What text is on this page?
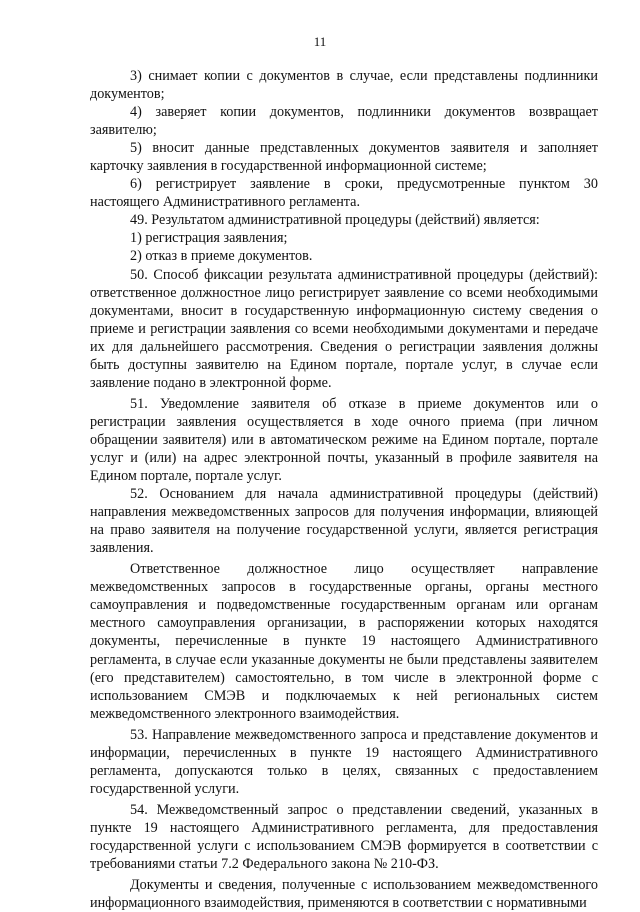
11

3) снимает копии с документов в случае, если представлены подлинники документов;

4) заверяет копии документов, подлинники документов возвращает заявителю;

5) вносит данные представленных документов заявителя и заполняет карточку заявления в государственной информационной системе;

6) регистрирует заявление в сроки, предусмотренные пунктом 30 настоящего Административного регламента.

49. Результатом административной процедуры (действий) является:

1) регистрация заявления;

2) отказ в приеме документов.

50. Способ фиксации результата административной процедуры (действий): ответственное должностное лицо регистрирует заявление со всеми необходимыми документами, вносит в государственную информационную систему сведения о приеме и регистрации заявления со всеми необходимыми документами и передаче их для дальнейшего рассмотрения. Сведения о регистрации заявления должны быть доступны заявителю на Едином портале, портале услуг, в случае если заявление подано в электронной форме.

51. Уведомление заявителя об отказе в приеме документов или о регистрации заявления осуществляется в ходе очного приема (при личном обращении заявителя) или в автоматическом режиме на Едином портале, портале услуг и (или) на адрес электронной почты, указанный в профиле заявителя на Едином портале, портале услуг.

52. Основанием для начала административной процедуры (действий) направления межведомственных запросов для получения информации, влияющей на право заявителя на получение государственной услуги, является регистрация заявления.

Ответственное должностное лицо осуществляет направление межведомственных запросов в государственные органы, органы местного самоуправления и подведомственные государственным органам или органам местного самоуправления организации, в распоряжении которых находятся документы, перечисленные в пункте 19 настоящего Административного регламента, в случае если указанные документы не были представлены заявителем (его представителем) самостоятельно, в том числе в электронной форме с использованием СМЭВ и подключаемых к ней региональных систем межведомственного электронного взаимодействия.

53. Направление межведомственного запроса и представление документов и информации, перечисленных в пункте 19 настоящего Административного регламента, допускаются только в целях, связанных с предоставлением государственной услуги.

54. Межведомственный запрос о представлении сведений, указанных в пункте 19 настоящего Административного регламента, для предоставления государственной услуги с использованием СМЭВ формируется в соответствии с требованиями статьи 7.2 Федерального закона № 210-ФЗ.

Документы и сведения, полученные с использованием межведомственного информационного взаимодействия, применяются в соответствии с нормативными
